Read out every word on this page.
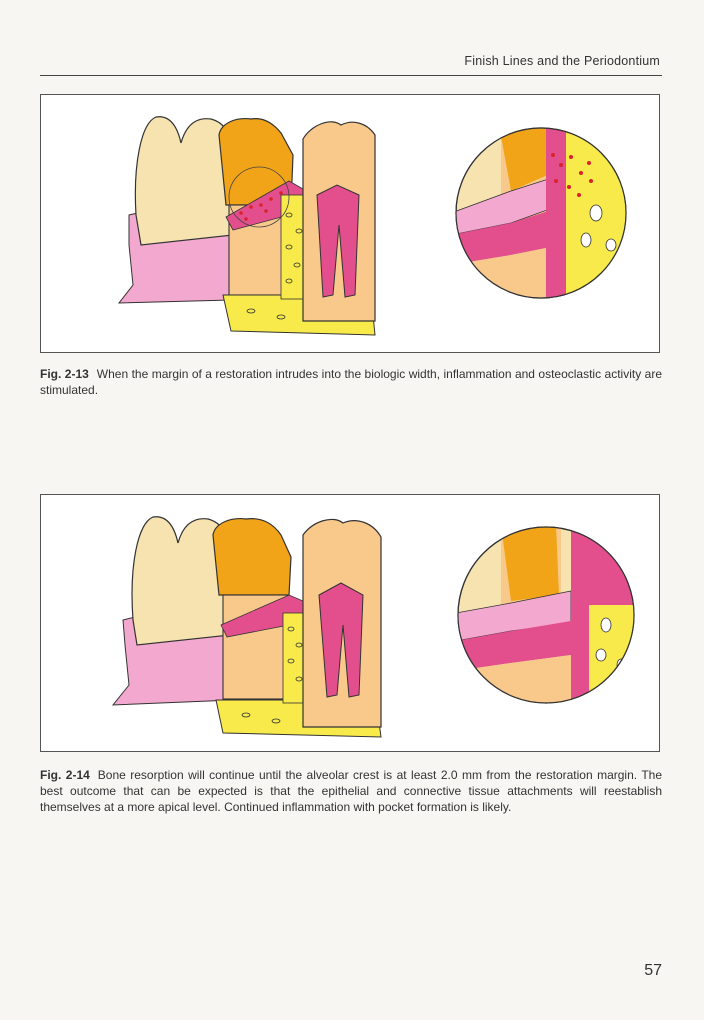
Finish Lines and the Periodontium
Fig. 2-13 When the margin of a restoration intrudes into the biologic width, inflammation and osteoclastic activity are stimulated.
Fig. 2-14 Bone resorption will continue until the alveolar crest is at least 2.0 mm from the restoration margin. The best outcome that can be expected is that the epithelial and connective tissue attachments will reestablish themselves at a more apical level. Continued inflammation with pocket formation is likely.
57
